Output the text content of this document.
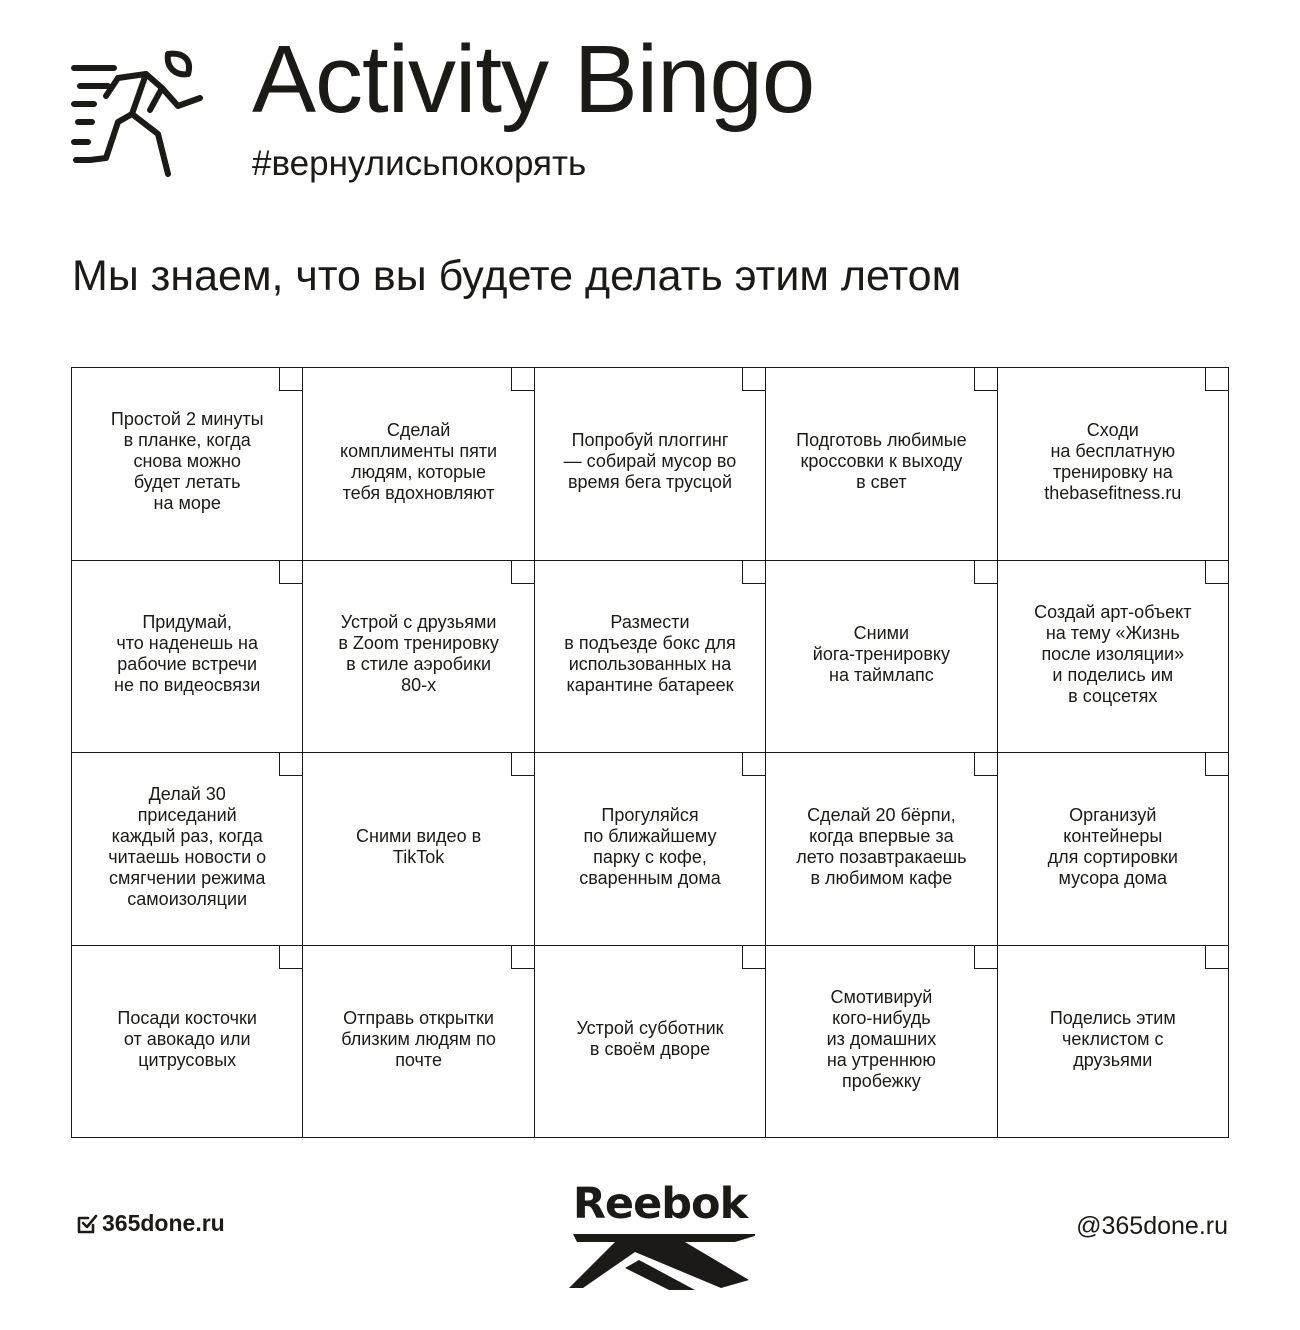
Activity Bingo
#вернулисьпокорять
Мы знаем, что вы будете делать этим летом
Простой 2 минуты
в планке, когда
снова можно
будет летать
на море
Сделай
комплименты пяти
людям, которые
тебя вдохновляют
Попробуй плоггинг
— собирай мусор во
время бега трусцой
Подготовь любимые
кроссовки к выходу
в свет
Сходи
на бесплатную
тренировку на
thebasefitness.ru
Придумай,
что наденешь на
рабочие встречи
не по видеосвязи
Устрой с друзьями
в Zoom тренировку
в стиле аэробики
80-х
Размести
в подъезде бокс для
использованных на
карантине батареек
Сними
йога-тренировку
на таймлапс
Создай арт-объект
на тему «Жизнь
после изоляции»
и поделись им
в соцсетях
Делай 30
приседаний
каждый раз, когда
читаешь новости о
смягчении режима
самоизоляции
Сними видео в
TikTok
Прогуляйся
по ближайшему
парку с кофе,
сваренным дома
Сделай 20 бёрпи,
когда впервые за
лето позавтракаешь
в любимом кафе
Организуй
контейнеры
для сортировки
мусора дома
Посади косточки
от авокадо или
цитрусовых
Отправь открытки
близким людям по
почте
Устрой субботник
в своём дворе
Смотивируй
кого-нибудь
из домашних
на утреннюю
пробежку
Поделись этим
чеклистом с
друзьями
365done.ru	Reebok	@365done.ru
